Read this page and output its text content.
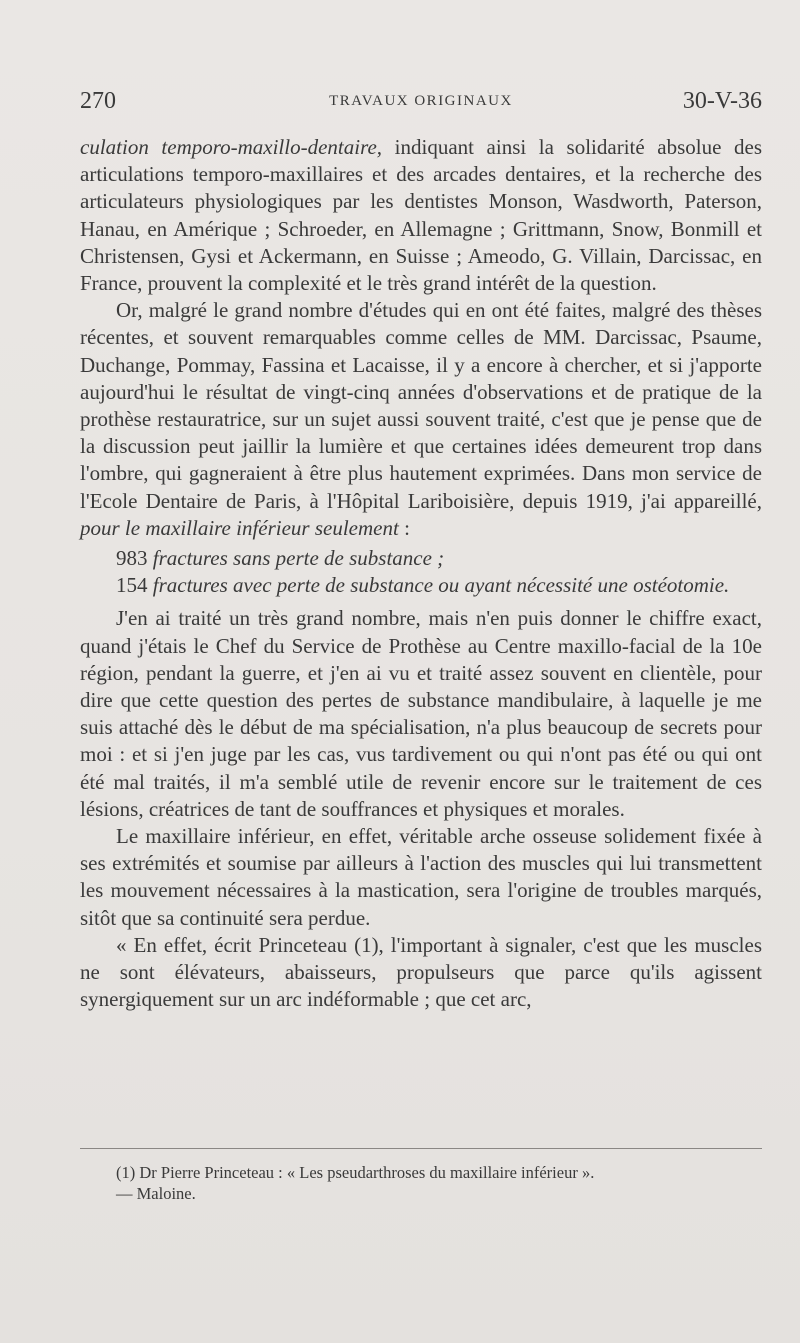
270	TRAVAUX ORIGINAUX	30-V-36

culation temporo-maxillo-dentaire, indiquant ainsi la solidarité absolue des articulations temporo-maxillaires et des arcades dentaires, et la recherche des articulateurs physiologiques par les dentistes Monson, Wasdworth, Paterson, Hanau, en Amérique ; Schroeder, en Allemagne ; Grittmann, Snow, Bonmill et Christensen, Gysi et Ackermann, en Suisse ; Ameodo, G. Villain, Darcissac, en France, prouvent la complexité et le très grand intérêt de la question.

Or, malgré le grand nombre d'études qui en ont été faites, malgré des thèses récentes, et souvent remarquables comme celles de MM. Darcissac, Psaume, Duchange, Pommay, Fassina et Lacaisse, il y a encore à chercher, et si j'apporte aujourd'hui le résultat de vingt-cinq années d'observations et de pratique de la prothèse restauratrice, sur un sujet aussi souvent traité, c'est que je pense que de la discussion peut jaillir la lumière et que certaines idées demeurent trop dans l'ombre, qui gagneraient à être plus hautement exprimées. Dans mon service de l'Ecole Dentaire de Paris, à l'Hôpital Lariboisière, depuis 1919, j'ai appareillé, pour le maxillaire inférieur seulement :

983 fractures sans perte de substance ;

154 fractures avec perte de substance ou ayant nécessité une ostéotomie.

J'en ai traité un très grand nombre, mais n'en puis donner le chiffre exact, quand j'étais le Chef du Service de Prothèse au Centre maxillo-facial de la 10e région, pendant la guerre, et j'en ai vu et traité assez souvent en clientèle, pour dire que cette question des pertes de substance mandibulaire, à laquelle je me suis attaché dès le début de ma spécialisation, n'a plus beaucoup de secrets pour moi : et si j'en juge par les cas, vus tardivement ou qui n'ont pas été ou qui ont été mal traités, il m'a semblé utile de revenir encore sur le traitement de ces lésions, créatrices de tant de souffrances et physiques et morales.

Le maxillaire inférieur, en effet, véritable arche osseuse solidement fixée à ses extrémités et soumise par ailleurs à l'action des muscles qui lui transmettent les mouvement nécessaires à la mastication, sera l'origine de troubles marqués, sitôt que sa continuité sera perdue.

« En effet, écrit Princeteau (1), l'important à signaler, c'est que les muscles ne sont élévateurs, abaisseurs, propulseurs que parce qu'ils agissent synergiquement sur un arc indéformable ; que cet arc,

(1) Dr Pierre Princeteau : « Les pseudarthroses du maxillaire inférieur ».

— Maloine.
